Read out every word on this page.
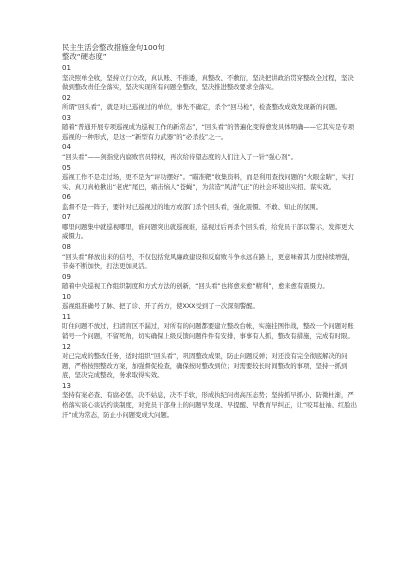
民主生活会整改措施金句100句

整改“硬态度”

01

坚决照单全收，坚持立行立改，真认账、不推诿，真整改、不敷衍，坚决把讲政治贯穿整改全过程，坚决做到整改责任全落实，坚决实现所有问题全整改，坚决推进整改要求全落实。

02

所谓“回头看”，就是对已巡视过的单位，事先不确定，杀个“回马枪”，检查整改成效发现新的问题。

03

随着“普通开展专项巡视成为巡视工作的新常态”，“回头看”的普遍化变得愈发具体明确——它其实是专项巡视的一种形式，是这一“新型有力武器”的“必杀技”之一。

04

“回头看”——剑指党内腐败官员特权，再次给待望态度的人们注入了一针“强心剂”。

05

巡视工作不是走过场，更不是为“评功摆好”。“瞄准靶”收集资料，而是利用查找问题的“火眼金睛”，实打实、真刀真枪揪出“老虎”尾巴，痛击恼人“苍蝇”，为营造“风清气正”的社会环境出实招、谋实效。

06

监督不是一阵子，要针对已巡视过的地方或部门杀个回头看，强化震慑、不敢、知止的氛围。

07

哪里问题集中就巡视哪里，谁问题突出就巡视谁，巡视过后再杀个回头看，给党员干部以警示，发挥更大威慑力。

08

“回头看”释放出来的信号，不仅包括党风廉政建设和反腐败斗争永远在路上，更意味着其力度持续增强，节奏不断加快，打法更加灵活。

09

随着中央巡视工作组织制度和方式方法的创新，“回头看”也将愈来愈“精利”，愈来愈有震慑力。

10

巡视组准确号了脉、把了诊、开了药方，使XXX受到了一次深刻警醒。

11

盯住问题不放过，扫清盲区不漏过，对所有的问题都要建立整改台帐，实施挂图作战，整改一个问题对账销号一个问题，不留死角，切实确保上级反馈问题件件有安排，事事有人抓，整改有措施，完成有时限。

12

对已完成的整改任务，适时组织“回头看”，巩固整改成果，防止问题反弹；对还没有完全彻底解决的问题，严格按照整改方案，加强督促检查，确保按时整改到位；对需要较长时间整改的事项，坚持一抓到底，坚决完成整改，务求取得实效。

13

坚持有案必查、有腐必惩，决不姑息，决不手软，形成执纪问责高压态势；坚持抓早抓小、防微杜渐，严格落实谈心谈话约谈制度，对党员干部身上的问题早发现、早提醒、早教育早纠正，让“咬耳扯袖、红脸出汗”成为常态，防止小问题变成大问题。
